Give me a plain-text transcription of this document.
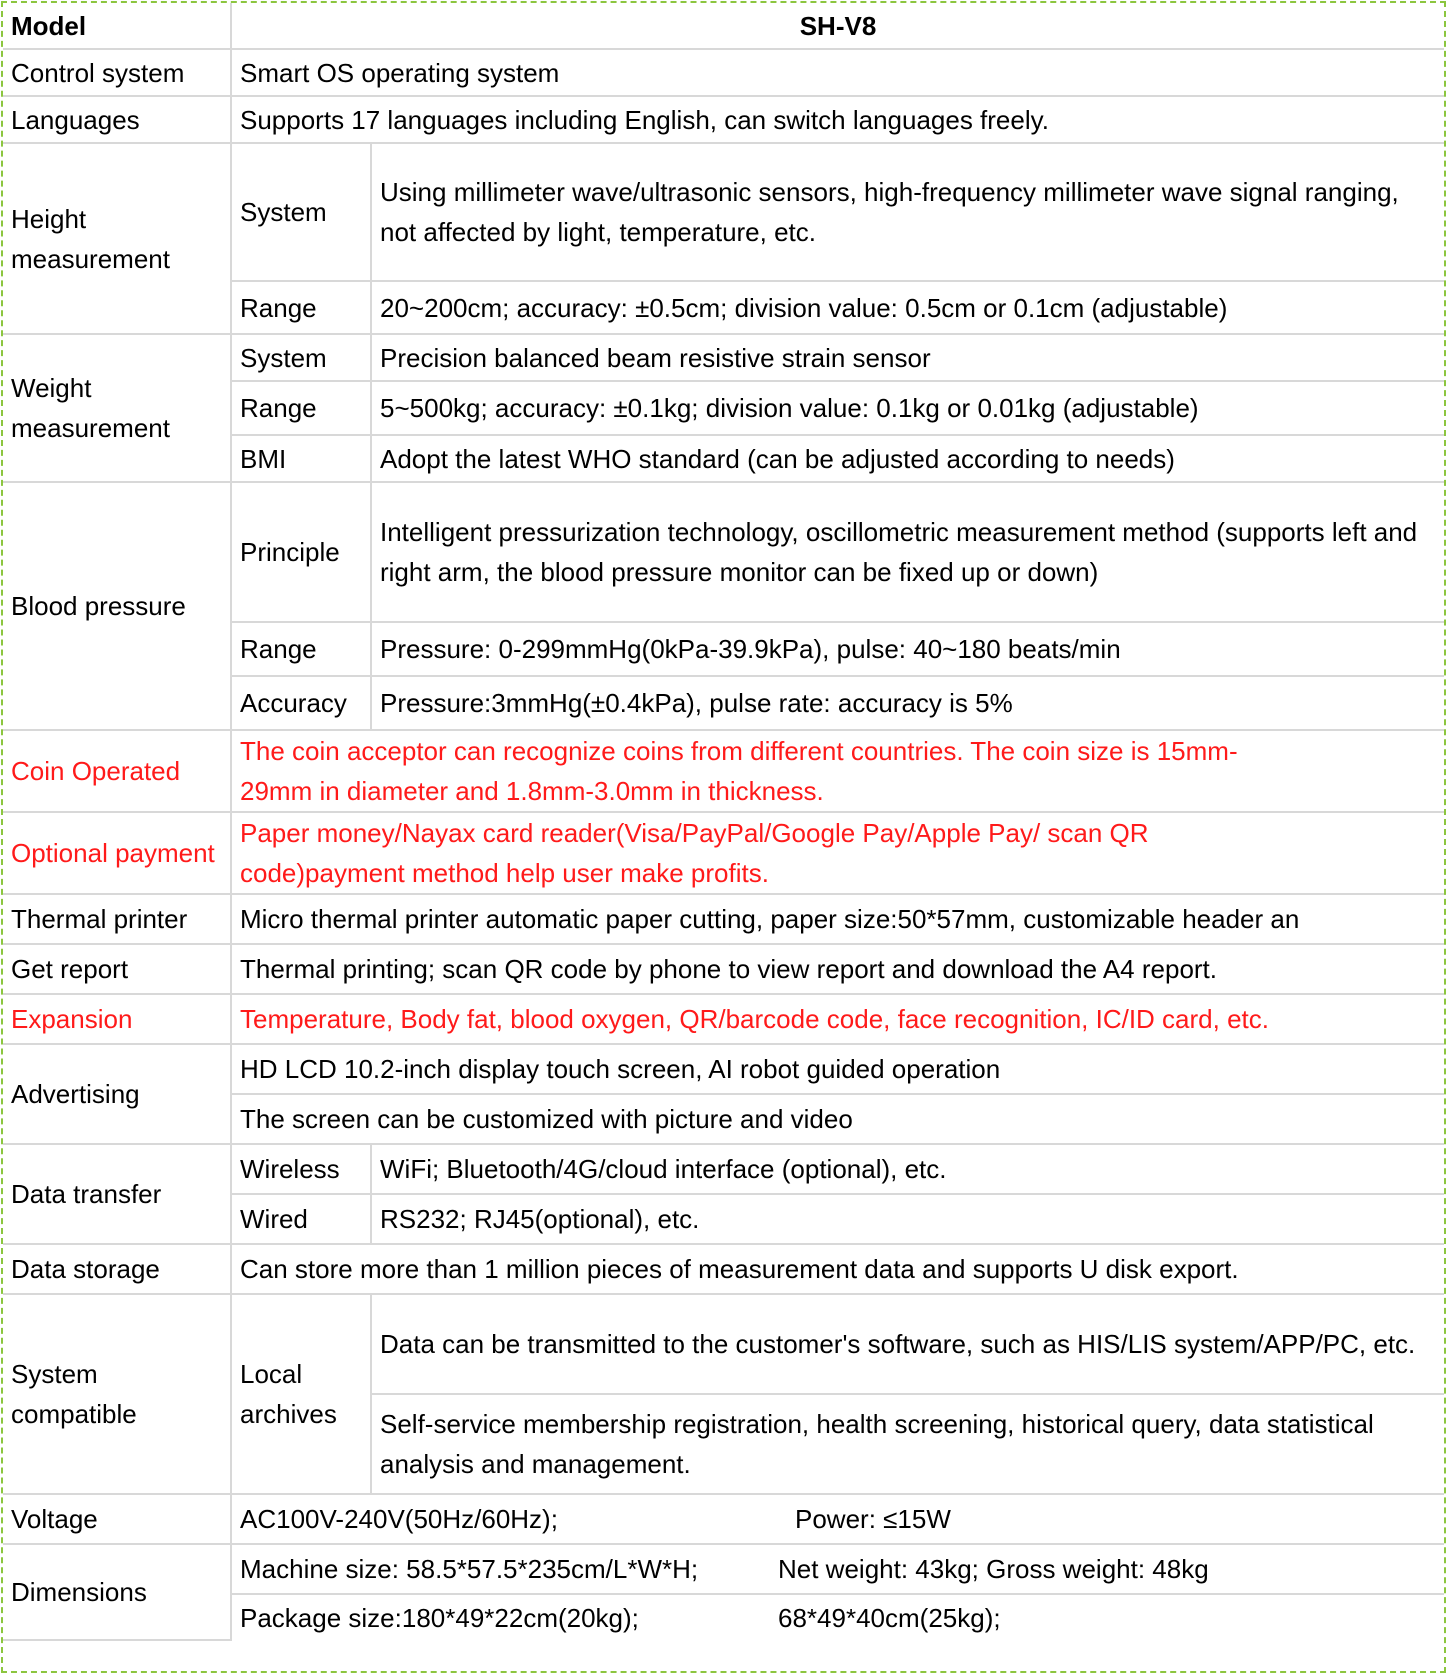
Model	SH-V8	
Control system	Smart OS operating system	
Languages	Supports 17 languages including English, can switch languages freely.	
Height measurement	System	Using millimeter wave/ultrasonic sensors, high-frequency millimeter wave signal ranging, not affected by light, temperature, etc.
	Range	20~200cm; accuracy: ±0.5cm; division value: 0.5cm or 0.1cm (adjustable)
Weight measurement	System	Precision balanced beam resistive strain sensor
	Range	5~500kg; accuracy: ±0.1kg; division value: 0.1kg or 0.01kg (adjustable)
	BMI	Adopt the latest WHO standard (can be adjusted according to needs)
Blood pressure	Principle	Intelligent pressurization technology, oscillometric measurement method (supports left and right arm, the blood pressure monitor can be fixed up or down)
	Range	Pressure: 0-299mmHg(0kPa-39.9kPa), pulse: 40~180 beats/min
	Accuracy	Pressure:3mmHg(±0.4kPa), pulse rate: accuracy is 5%
Coin Operated	The coin acceptor can recognize coins from different countries. The coin size is 15mm-29mm in diameter and 1.8mm-3.0mm in thickness.	
Optional payment	Paper money/Nayax card reader(Visa/PayPal/Google Pay/Apple Pay/ scan QR code)payment method help user make profits.	
Thermal printer	Micro thermal printer automatic paper cutting, paper size:50*57mm, customizable header an	
Get report	Thermal printing; scan QR code by phone to view report and download the A4 report.	
Expansion	Temperature, Body fat, blood oxygen, QR/barcode code, face recognition, IC/ID card, etc.	
Advertising	HD LCD 10.2-inch display touch screen, AI robot guided operation	
	The screen can be customized with picture and video	
Data transfer	Wireless	WiFi; Bluetooth/4G/cloud interface (optional), etc.
	Wired	RS232; RJ45(optional), etc.
Data storage	Can store more than 1 million pieces of measurement data and supports U disk export.	
System compatible	Local archives	Data can be transmitted to the customer's software, such as HIS/LIS system/APP/PC, etc.
		Self-service membership registration, health screening, historical query, data statistical analysis and management.
Voltage	AC100V-240V(50Hz/60Hz); Power: ≤15W	
Dimensions	Machine size: 58.5*57.5*235cm/L*W*H; Net weight: 43kg; Gross weight: 48kg	
	Package size:180*49*22cm(20kg); 68*49*40cm(25kg);	
